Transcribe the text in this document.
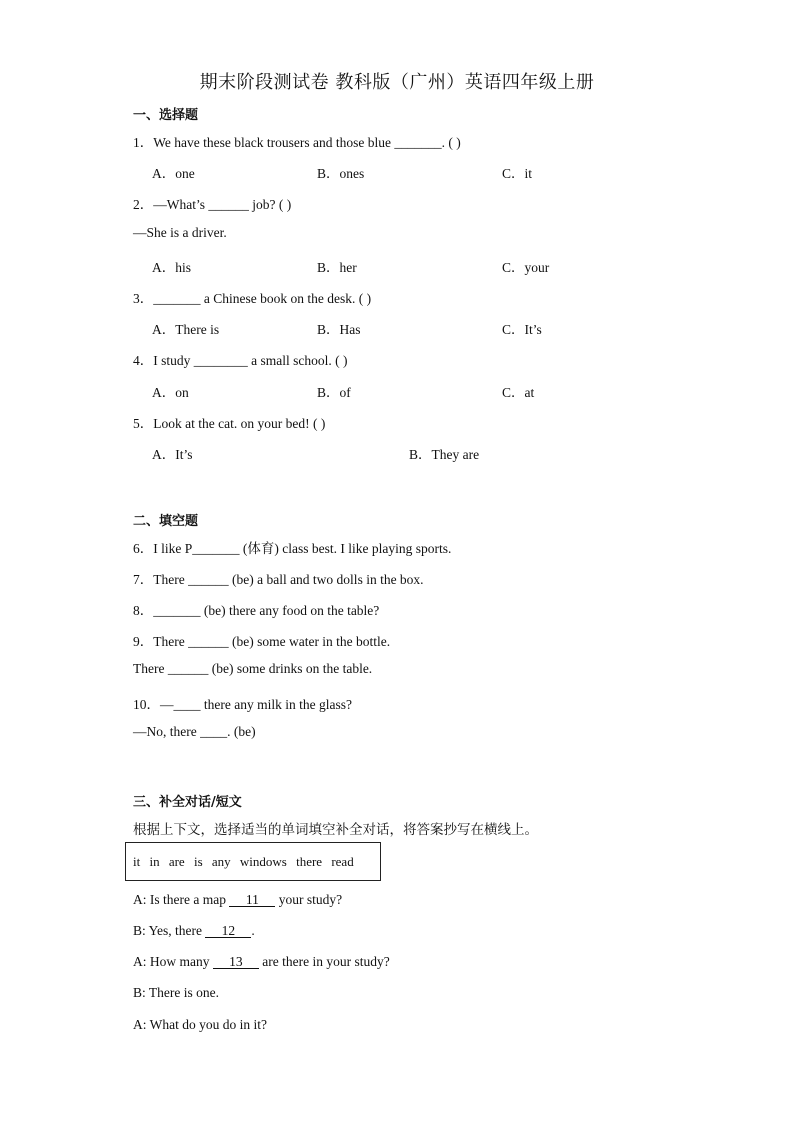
期末阶段测试卷 教科版（广州）英语四年级上册
一、选择题
1．We have these black trousers and those blue _______. ( )
A．one	B．ones	C．it
2．—What’s ______ job? ( )
—She is a driver.
A．his	B．her	C．your
3．_______ a Chinese book on the desk. ( )
A．There is	B．Has	C．It’s
4．I study ________ a small school. ( )
A．on	B．of	C．at
5．Look at the cat. on your bed! ( )
A．It’s	B．They are
二、填空题
6．I like P_______ (体育) class best. I like playing sports.
7．There ______ (be) a ball and two dolls in the box.
8．_______ (be) there any food on the table?
9．There ______ (be) some water in the bottle.
There ______ (be) some drinks on the table.
10．—____ there any milk in the glass?
—No, there ____. (be)
三、补全对话/短文
根据上下文，选择适当的单词填空补全对话，将答案抄写在横线上。
it in are is any windows there read
A: Is there a map 11 your study?
B: Yes, there 12 .
A: How many 13 are there in your study?
B: There is one.
A: What do you do in it?
